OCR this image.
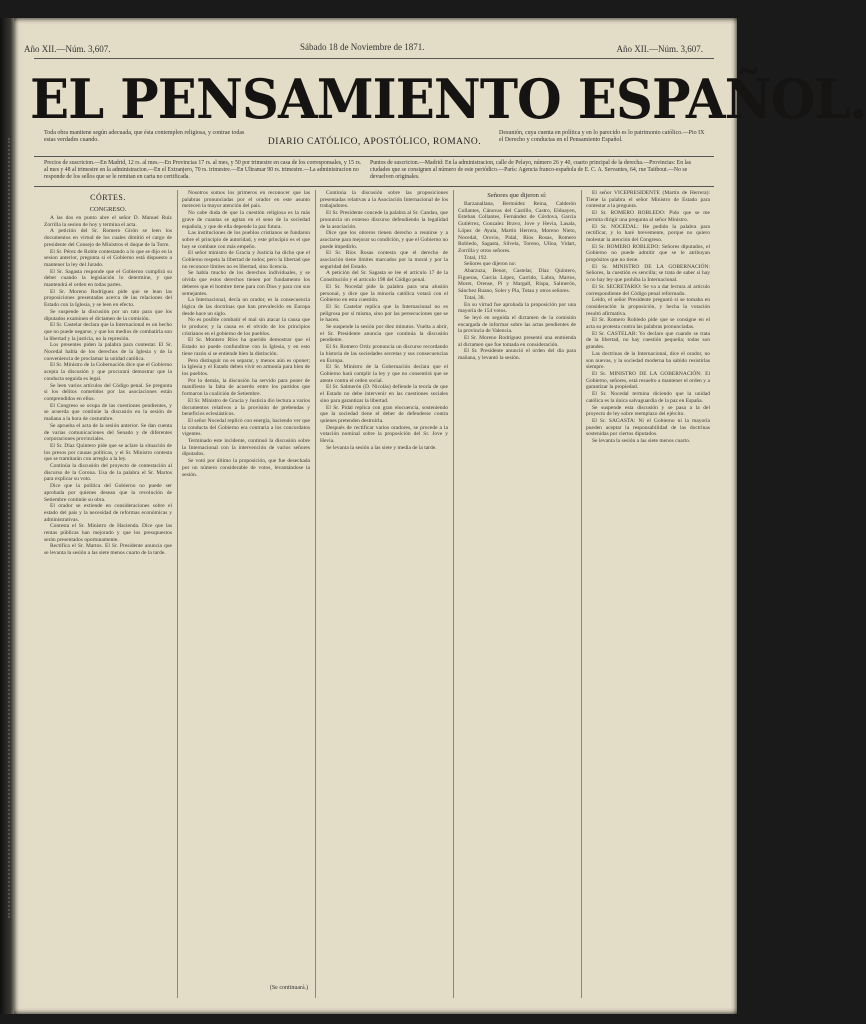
Año XII.—Núm. 3,607.	Sábado 18 de Noviembre de 1871.	Año XII.—Núm. 3,607.
EL PENSAMIENTO ESPAÑOL.
Toda obra mantiene según adecuada, que ésta contemplen religiosa, y contrae todas estas verdades cuando.	DIARIO CATÓLICO, APOSTÓLICO, ROMANO.
Desunión, cuya cuenta en política y en lo parecido es lo patrimonio católico.—Pio IX el Derecho y conductas en el Pensamiento Español.
Precios de suscricion.—En Madrid, 12 rs. al mes.—En Provincias 17 rs. al mes, y 50 por trimestre en casa de los corresponsales, y 15 rs. al mes y 48 al trimestre en la administracion.—En el Extranjero, 70 rs. trimestre.—En Ultramar 90 rs. trimestre.—La administracion no responde de los sellos que se le remitan en carta no certificada.
Puntos de suscricion.—Madrid: En la administracion, calle de Pelayo, número 26 y 40, cuarto principal de la derecha.—Provincias: En las ciudades que se consignen al número de este periódico.—París: Agencia franco-española de E. C. A. Servantes, 64, rue Taitbout.—No se devuelven originales.
CÓRTES.
CONGRESO.

A las dos en punto abre el señor D. Manuel Ruiz Zorrilla la sesion de hoy y termina el acta.

A petición del Sr. Romero Girón se leen los documentos en virtud de los cuales dimitió el cargo de presidente del Consejo de Ministros el duque de la Torre.

El Sr. Pérez de Roble contestando a lo que se dijo en la sesion anterior, pregunta si el Gobierno está dispuesto a mantener la ley del Jurado.

El Sr. Sagasta responde que el Gobierno cumplirá su deber cuando la legislación lo determine, y que mantendrá el orden en todas partes.

El Sr. Moreno Rodríguez pide que se lean las proposiciones presentadas acerca de las relaciones del Estado con la Iglesia, y se leen en efecto.

Se suspende la discusión por un rato para que los diputados examinen el dictamen de la comisión.

El Sr. Castelar declara que la Internacional es un hecho que no puede negarse, y que los medios de combatirla son la libertad y la justicia, no la represión.

Los presentes piden la palabra para contestar. El Sr. Nocedal habla de los derechos de la Iglesia y de la conveniencia de proclamar la unidad católica.

El Sr. Ministro de la Gobernación dice que el Gobierno acepta la discusión y que procurará demostrar que la conducta seguida es legal.

Se leen varios artículos del Código penal. Se pregunta si los delitos cometidos por las asociaciones están comprendidos en ellos.

El Congreso se ocupa de las cuestiones pendientes, y se acuerda que continúe la discusión en la sesión de mañana a la hora de costumbre.

Se aprueba el acta de la sesión anterior. Se dan cuenta de varias comunicaciones del Senado y de diferentes corporaciones provinciales.

El Sr. Díaz Quintero pide que se aclare la situación de los presos por causas políticas, y el Sr. Ministro contesta que se tramitarán con arreglo a la ley.

Continúa la discusión del proyecto de contestación al discurso de la Corona. Usa de la palabra el Sr. Martos para explicar su voto.

Dice que la política del Gobierno no puede ser aprobada por quienes desean que la revolución de Setiembre continúe su obra.

El orador se extiende en consideraciones sobre el estado del país y la necesidad de reformas económicas y administrativas.

Contesta el Sr. Ministro de Hacienda. Dice que las rentas públicas han mejorado y que los presupuestos serán presentados oportunamente.

Rectifica el Sr. Martos. El Sr. Presidente anuncia que se levanta la sesión a las siete menos cuarto de la tarde.

Nosotros somos los primeros en reconocer que las palabras pronunciadas por el orador en este asunto merecen la mayor atención del país.

No cabe duda de que la cuestión religiosa es la más grave de cuantas se agitan en el seno de la sociedad española, y que de ella depende la paz futura.

Las instituciones de los pueblos cristianos se fundaron sobre el principio de autoridad, y este principio es el que hoy se combate con más empeño.

El señor ministro de Gracia y Justicia ha dicho que el Gobierno respeta la libertad de todos; pero la libertad que no reconoce límites no es libertad, sino licencia.

Se habla mucho de los derechos individuales, y se olvida que estos derechos tienen por fundamento los deberes que el hombre tiene para con Dios y para con sus semejantes.

La Internacional, decía un orador, es la consecuencia lógica de las doctrinas que han prevalecido en Europa desde hace un siglo.

No es posible combatir el mal sin atacar la causa que lo produce; y la causa es el olvido de los principios cristianos en el gobierno de los pueblos.

El Sr. Montero Ríos ha querido demostrar que el Estado no puede confundirse con la Iglesia, y en esto tiene razón si se entiende bien la distinción.

Pero distinguir no es separar, y menos aún es oponer; la Iglesia y el Estado deben vivir en armonía para bien de los pueblos.

Por lo demás, la discusión ha servido para poner de manifiesto la falta de acuerdo entre los partidos que formaron la coalición de Setiembre.

El Sr. Ministro de Gracia y Justicia dio lectura a varios documentos relativos a la provisión de prebendas y beneficios eclesiásticos.

El señor Nocedal replicó con energía, haciendo ver que la conducta del Gobierno era contraria a los concordatos vigentes.

Terminado este incidente, continuó la discusión sobre la Internacional con la intervención de varios señores diputados.

Se votó por último la proposición, que fue desechada por un número considerable de votos, levantándose la sesión.

Continúa la discusión sobre las proposiciones presentadas relativas a la Asociación Internacional de los trabajadores.

El Sr. Presidente concede la palabra al Sr. Candau, que pronuncia un extenso discurso defendiendo la legalidad de la asociación.

Dice que los obreros tienen derecho a reunirse y a asociarse para mejorar su condición, y que el Gobierno no puede impedirlo.

El Sr. Ríos Rosas contesta que el derecho de asociación tiene límites marcados por la moral y por la seguridad del Estado.

A petición del Sr. Sagasta se lee el artículo 17 de la Constitución y el artículo 198 del Código penal.

El Sr. Nocedal pide la palabra para una alusión personal, y dice que la minoría católica votará con el Gobierno en esta cuestión.

El Sr. Castelar replica que la Internacional no es peligrosa por sí misma, sino por las persecuciones que se le hacen.

Se suspende la sesión por diez minutos. Vuelta a abrir, el Sr. Presidente anuncia que continúa la discusión pendiente.

El Sr. Romero Ortiz pronuncia un discurso recordando la historia de las sociedades secretas y sus consecuencias en Europa.

El Sr. Ministro de la Gobernación declara que el Gobierno hará cumplir la ley y que no consentirá que se atente contra el orden social.

El Sr. Salmerón (D. Nicolás) defiende la teoría de que el Estado no debe intervenir en las cuestiones sociales sino para garantizar la libertad.

El Sr. Pidal replica con gran elocuencia, sosteniendo que la sociedad tiene el deber de defenderse contra quienes pretenden destruirla.

Después de rectificar varios oradores, se procede a la votación nominal sobre la proposición del Sr. Jove y Hevia.

Se levanta la sesión a las siete y media de la tarde.

Señores que dijeron sí:

Barzanallana, Bermúdez Reina, Calderón Collantes, Cánovas del Castillo, Castro, Elduayen, Esteban Collantes, Fernández de Córdova, García Gutiérrez, Gonzalez Bravo, Jove y Hevia, Lasala, López de Ayala, Martín Herrera, Moreno Nieto, Nocedal, Orovio, Pidal, Ríos Rosas, Romero Robledo, Sagasta, Silvela, Toreno, Ulloa, Vidart, Zorrilla y otros señores.

Total, 192.

Señores que dijeron no:

Abarzuza, Benot, Castelar, Díaz Quintero, Figueras, García López, Garrido, Labra, Martos, Moret, Orense, Pí y Margall, Rispa, Salmerón, Sánchez Ruano, Soler y Pla, Tutau y otros señores.

Total, 38.

En su virtud fue aprobada la proposición por una mayoría de 154 votos.

Se leyó en seguida el dictamen de la comisión encargada de informar sobre las actas pendientes de la provincia de Valencia.

El Sr. Moreno Rodríguez presentó una enmienda al dictamen que fue tomada en consideración.

El Sr. Presidente anunció el orden del día para mañana, y levantó la sesión.

El señor VICEPRESIDENTE (Martín de Herrera): Tiene la palabra el señor Ministro de Estado para contestar a la pregunta.

El Sr. ROMERO ROBLEDO: Pido que se me permita dirigir una pregunta al señor Ministro.

El Sr. NOCEDAL: He pedido la palabra para rectificar, y lo haré brevemente, porque no quiero molestar la atención del Congreso.

El Sr. ROMERO ROBLEDO: Señores diputados, el Gobierno no puede admitir que se le atribuyan propósitos que no tiene.

El Sr. MINISTRO DE LA GOBERNACIÓN: Señores, la cuestión es sencilla; se trata de saber si hay o no hay ley que prohíba la Internacional.

El Sr. SECRETARIO: Se va a dar lectura al artículo correspondiente del Código penal reformado.

Leído, el señor Presidente preguntó si se tomaba en consideración la proposición, y hecha la votación resultó afirmativa.

El Sr. Romero Robledo pide que se consigne en el acta su protesta contra las palabras pronunciadas.

El Sr. CASTELAR: Yo declaro que cuando se trata de la libertad, no hay cuestión pequeña; todas son grandes.

Las doctrinas de la Internacional, dice el orador, no son nuevas, y la sociedad moderna ha sabido resistirlas siempre.

El Sr. MINISTRO DE LA GOBERNACIÓN: El Gobierno, señores, está resuelto a mantener el orden y a garantizar la propiedad.

El Sr. Nocedal termina diciendo que la unidad católica es la única salvaguardia de la paz en España.

Se suspende esta discusión y se pasa a la del proyecto de ley sobre reemplazo del ejército.

El Sr. SAGASTA: Ni el Gobierno ni la mayoría pueden aceptar la responsabilidad de las doctrinas sostenidas por ciertos diputados.

Se levanta la sesión a las siete menos cuarto.

(Se continuará.)
